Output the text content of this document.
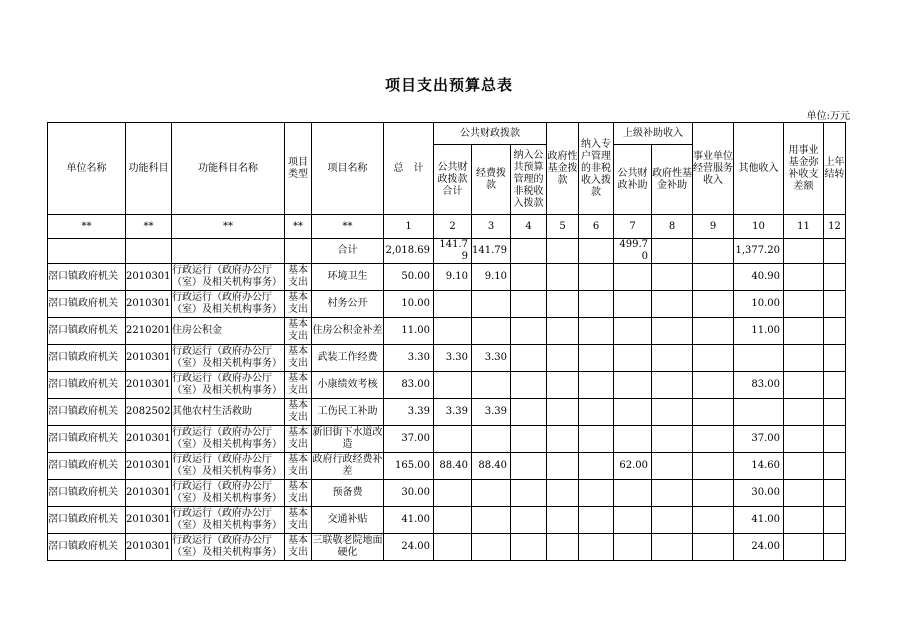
项目支出预算总表
单位:万元
单位名称	功能科目	功能科目名称	项目类型	项目名称	总　计	公共财政拨款			政府性基金拨款	纳入专户管理的非税收入拨款	上级补助收入		事业单位经营服务收入	其他收入	用事业基金弥补收支差额	上年结转
						公共财政拨款合计	经费拨款	纳入公共预算管理的非税收入拨款			公共财政补助	政府性基金补助				
**	**	**	**	**	1	2	3	4	5	6	7	8	9	10	11	12
				合计	2,018.69	141.79	141.79				499.70			1,377.20		
滘口镇政府机关	2010301	行政运行（政府办公厅（室）及相关机构事务）	基本支出	环境卫生	50.00	9.10	9.10							40.90		
滘口镇政府机关	2010301	行政运行（政府办公厅（室）及相关机构事务）	基本支出	村务公开	10.00									10.00		
滘口镇政府机关	2210201	住房公积金	基本支出	住房公积金补差	11.00									11.00		
滘口镇政府机关	2010301	行政运行（政府办公厅（室）及相关机构事务）	基本支出	武装工作经费	3.30	3.30	3.30									
滘口镇政府机关	2010301	行政运行（政府办公厅（室）及相关机构事务）	基本支出	小康绩效考核	83.00									83.00		
滘口镇政府机关	2082502	其他农村生活救助	基本支出	工伤民工补助	3.39	3.39	3.39									
滘口镇政府机关	2010301	行政运行（政府办公厅（室）及相关机构事务）	基本支出	新旧街下水道改造	37.00									37.00		
滘口镇政府机关	2010301	行政运行（政府办公厅（室）及相关机构事务）	基本支出	政府行政经费补差	165.00	88.40	88.40				62.00			14.60		
滘口镇政府机关	2010301	行政运行（政府办公厅（室）及相关机构事务）	基本支出	预备费	30.00									30.00		
滘口镇政府机关	2010301	行政运行（政府办公厅（室）及相关机构事务）	基本支出	交通补贴	41.00									41.00		
滘口镇政府机关	2010301	行政运行（政府办公厅（室）及相关机构事务）	基本支出	三联敬老院地面硬化	24.00									24.00		
